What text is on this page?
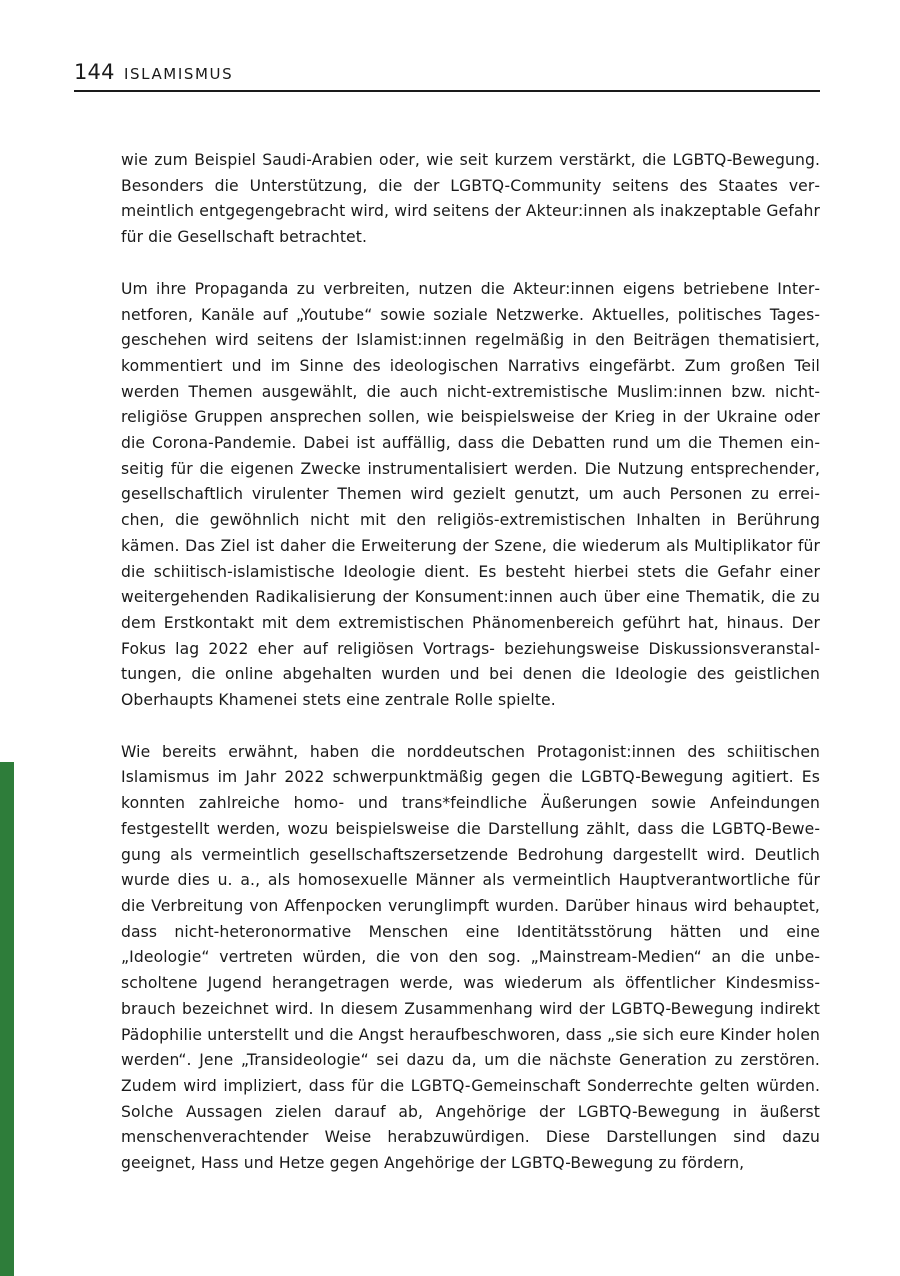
144 ISLAMISMUS

wie zum Beispiel Saudi-Arabien oder, wie seit kurzem verstärkt, die LGBTQ-Bewegung. Besonders die Unterstützung, die der LGBTQ-Community seitens des Staates vermeintlich entgegengebracht wird, wird seitens der Akteur:innen als inakzeptable Gefahr für die Gesellschaft betrachtet.

Um ihre Propaganda zu verbreiten, nutzen die Akteur:innen eigens betriebene Internetforen, Kanäle auf „Youtube“ sowie soziale Netzwerke. Aktuelles, politisches Tagesgeschehen wird seitens der Islamist:innen regelmäßig in den Beiträgen thematisiert, kommentiert und im Sinne des ideologischen Narrativs eingefärbt. Zum großen Teil werden Themen ausgewählt, die auch nicht-extremistische Muslim:innen bzw. nichtreligiöse Gruppen ansprechen sollen, wie beispielsweise der Krieg in der Ukraine oder die Corona-Pandemie. Dabei ist auffällig, dass die Debatten rund um die Themen einseitig für die eigenen Zwecke instrumentalisiert werden. Die Nutzung entsprechender, gesellschaftlich virulenter Themen wird gezielt genutzt, um auch Personen zu erreichen, die gewöhnlich nicht mit den religiös-extremistischen Inhalten in Berührung kämen. Das Ziel ist daher die Erweiterung der Szene, die wiederum als Multiplikator für die schiitisch-islamistische Ideologie dient. Es besteht hierbei stets die Gefahr einer weitergehenden Radikalisierung der Konsument:innen auch über eine Thematik, die zu dem Erstkontakt mit dem extremistischen Phänomenbereich geführt hat, hinaus. Der Fokus lag 2022 eher auf religiösen Vortrags- beziehungsweise Diskussionsveranstaltungen, die online abgehalten wurden und bei denen die Ideologie des geistlichen Oberhaupts Khamenei stets eine zentrale Rolle spielte.

Wie bereits erwähnt, haben die norddeutschen Protagonist:innen des schiitischen Islamismus im Jahr 2022 schwerpunktmäßig gegen die LGBTQ-Bewegung agitiert. Es konnten zahlreiche homo- und trans*feindliche Äußerungen sowie Anfeindungen festgestellt werden, wozu beispielsweise die Darstellung zählt, dass die LGBTQ-Bewegung als vermeintlich gesellschaftszersetzende Bedrohung dargestellt wird. Deutlich wurde dies u. a., als homosexuelle Männer als vermeintlich Hauptverantwortliche für die Verbreitung von Affenpocken verunglimpft wurden. Darüber hinaus wird behauptet, dass nicht-heteronormative Menschen eine Identitätsstörung hätten und eine „Ideologie“ vertreten würden, die von den sog. „Mainstream-Medien“ an die unbescholtene Jugend herangetragen werde, was wiederum als öffentlicher Kindesmissbrauch bezeichnet wird. In diesem Zusammenhang wird der LGBTQ-Bewegung indirekt Pädophilie unterstellt und die Angst heraufbeschworen, dass „sie sich eure Kinder holen werden“. Jene „Transideologie“ sei dazu da, um die nächste Generation zu zerstören. Zudem wird impliziert, dass für die LGBTQ-Gemeinschaft Sonderrechte gelten würden. Solche Aussagen zielen darauf ab, Angehörige der LGBTQ-Bewegung in äußerst menschenverachtender Weise herabzuwürdigen. Diese Darstellungen sind dazu geeignet, Hass und Hetze gegen Angehörige der LGBTQ-Bewegung zu fördern,
